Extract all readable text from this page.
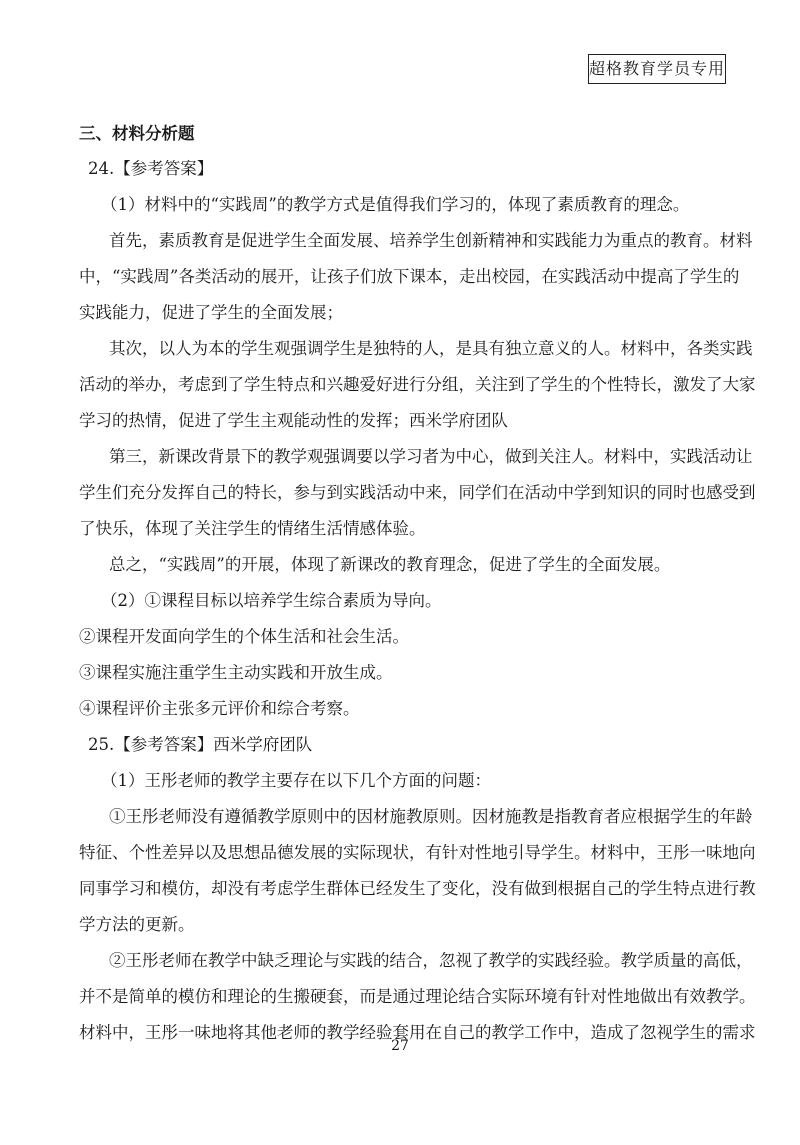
超格教育学员专用
三、材料分析题
24.【参考答案】
（1）材料中的“实践周”的教学方式是值得我们学习的，体现了素质教育的理念。
首先，素质教育是促进学生全面发展、培养学生创新精神和实践能力为重点的教育。材料
中，“实践周”各类活动的展开，让孩子们放下课本，走出校园，在实践活动中提高了学生的
实践能力，促进了学生的全面发展；
其次，以人为本的学生观强调学生是独特的人，是具有独立意义的人。材料中，各类实践
活动的举办，考虑到了学生特点和兴趣爱好进行分组，关注到了学生的个性特长，激发了大家
学习的热情，促进了学生主观能动性的发挥；西米学府团队
第三，新课改背景下的教学观强调要以学习者为中心，做到关注人。材料中，实践活动让
学生们充分发挥自己的特长，参与到实践活动中来，同学们在活动中学到知识的同时也感受到
了快乐，体现了关注学生的情绪生活情感体验。
总之，“实践周”的开展，体现了新课改的教育理念，促进了学生的全面发展。
（2）①课程目标以培养学生综合素质为导向。
②课程开发面向学生的个体生活和社会生活。
③课程实施注重学生主动实践和开放生成。
④课程评价主张多元评价和综合考察。
25.【参考答案】西米学府团队
（1）王彤老师的教学主要存在以下几个方面的问题：
①王彤老师没有遵循教学原则中的因材施教原则。因材施教是指教育者应根据学生的年龄
特征、个性差异以及思想品德发展的实际现状，有针对性地引导学生。材料中，王彤一味地向
同事学习和模仿，却没有考虑学生群体已经发生了变化，没有做到根据自己的学生特点进行教
学方法的更新。
②王彤老师在教学中缺乏理论与实践的结合，忽视了教学的实践经验。教学质量的高低，
并不是简单的模仿和理论的生搬硬套，而是通过理论结合实际环境有针对性地做出有效教学。
材料中，王彤一味地将其他老师的教学经验套用在自己的教学工作中，造成了忽视学生的需求
27
